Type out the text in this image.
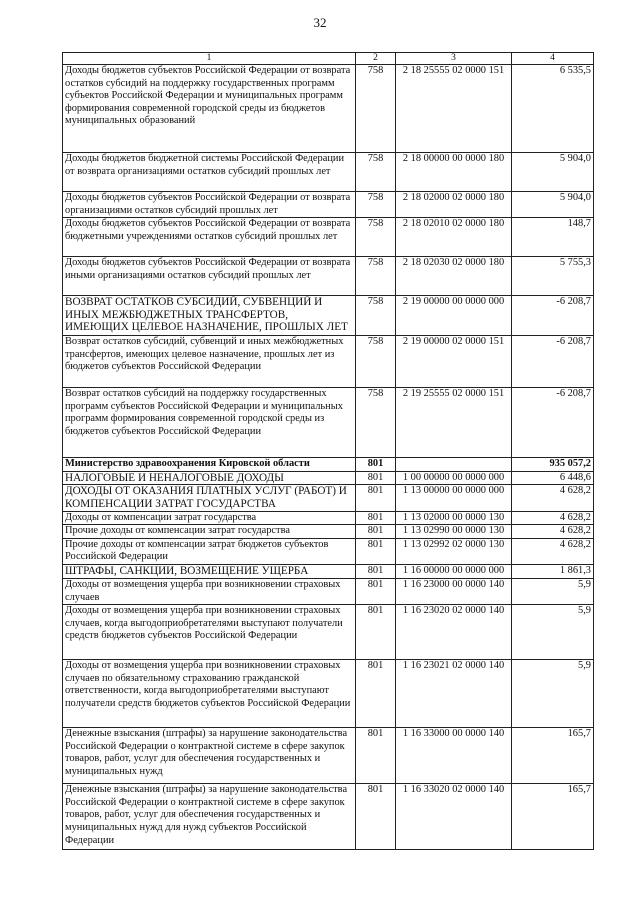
32
1	2	3	4
Доходы бюджетов субъектов Российской Федерации от возврата остатков субсидий на поддержку государственных программ субъектов Российской Федерации и муниципальных программ формирования современной городской среды из бюджетов муниципальных образований	758	2 18 25555 02 0000 151	6 535,5
Доходы бюджетов бюджетной системы Российской Федерации от возврата организациями остатков субсидий прошлых лет	758	2 18 00000 00 0000 180	5 904,0
Доходы бюджетов субъектов Российской Федерации от возврата организациями остатков субсидий прошлых лет	758	2 18 02000 02 0000 180	5 904,0
Доходы бюджетов субъектов Российской Федерации от возврата бюджетными учреждениями остатков субсидий прошлых лет	758	2 18 02010 02 0000 180	148,7
Доходы бюджетов субъектов Российской Федерации от возврата иными организациями остатков субсидий прошлых лет	758	2 18 02030 02 0000 180	5 755,3
ВОЗВРАТ ОСТАТКОВ СУБСИДИЙ, СУБВЕНЦИЙ И ИНЫХ МЕЖБЮДЖЕТНЫХ ТРАНСФЕРТОВ, ИМЕЮЩИХ ЦЕЛЕВОЕ НАЗНАЧЕНИЕ, ПРОШЛЫХ ЛЕТ	758	2 19 00000 00 0000 000	-6 208,7
Возврат остатков субсидий, субвенций и иных межбюджетных трансфертов, имеющих целевое назначение, прошлых лет из бюджетов субъектов Российской Федерации	758	2 19 00000 02 0000 151	-6 208,7
Возврат остатков субсидий на поддержку государственных программ субъектов Российской Федерации и муниципальных программ формирования современной городской среды из бюджетов субъектов Российской Федерации	758	2 19 25555 02 0000 151	-6 208,7
Министерство здравоохранения Кировской области	801		935 057,2
НАЛОГОВЫЕ И НЕНАЛОГОВЫЕ ДОХОДЫ	801	1 00 00000 00 0000 000	6 448,6
ДОХОДЫ ОТ ОКАЗАНИЯ ПЛАТНЫХ УСЛУГ (РАБОТ) И КОМПЕНСАЦИИ ЗАТРАТ ГОСУДАРСТВА	801	1 13 00000 00 0000 000	4 628,2
Доходы от компенсации затрат государства	801	1 13 02000 00 0000 130	4 628,2
Прочие доходы от компенсации затрат государства	801	1 13 02990 00 0000 130	4 628,2
Прочие доходы от компенсации затрат бюджетов субъектов Российской Федерации	801	1 13 02992 02 0000 130	4 628,2
ШТРАФЫ, САНКЦИИ, ВОЗМЕЩЕНИЕ УЩЕРБА	801	1 16 00000 00 0000 000	1 861,3
Доходы от возмещения ущерба при возникновении страховых случаев	801	1 16 23000 00 0000 140	5,9
Доходы от возмещения ущерба при возникновении страховых случаев, когда выгодоприобретателями выступают получатели средств бюджетов субъектов Российской Федерации	801	1 16 23020 02 0000 140	5,9
Доходы от возмещения ущерба при возникновении страховых случаев по обязательному страхованию гражданской ответственности, когда выгодоприобретателями выступают получатели средств бюджетов субъектов Российской Федерации	801	1 16 23021 02 0000 140	5,9
Денежные взыскания (штрафы) за нарушение законодательства Российской Федерации о контрактной системе в сфере закупок товаров, работ, услуг для обеспечения государственных и муниципальных нужд	801	1 16 33000 00 0000 140	165,7
Денежные взыскания (штрафы) за нарушение законодательства Российской Федерации о контрактной системе в сфере закупок товаров, работ, услуг для обеспечения государственных и муниципальных нужд для нужд субъектов Российской Федерации	801	1 16 33020 02 0000 140	165,7
